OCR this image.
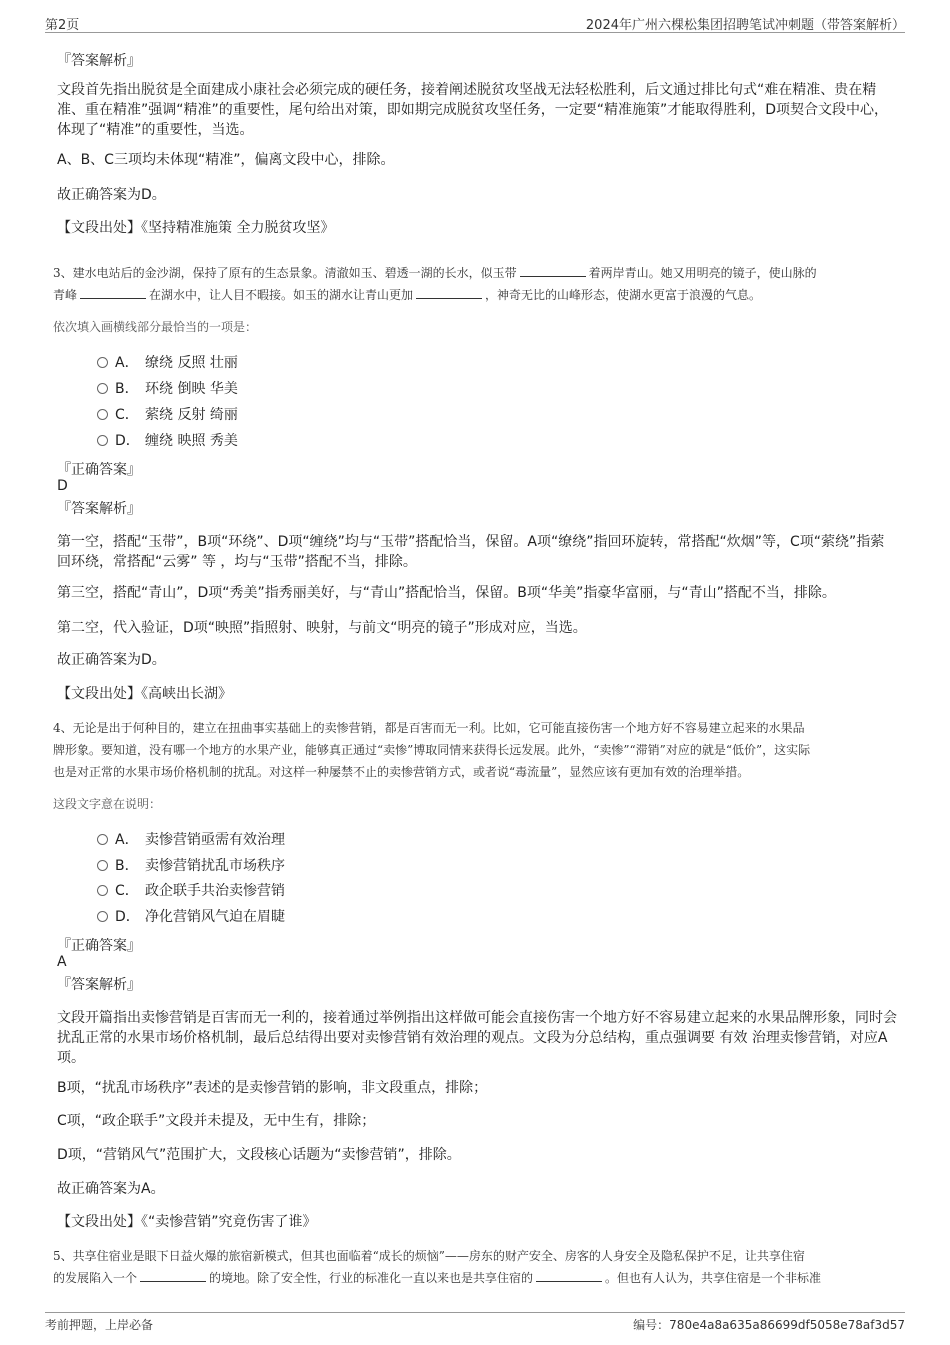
第2页	2024年广州六棵松集团招聘笔试冲刺题（带答案解析）
『答案解析』
文段首先指出脱贫是全面建成小康社会必须完成的硬任务，接着阐述脱贫攻坚战无法轻松胜利，后文通过排比句式“难在精准、贵在精准、重在精准”强调“精准”的重要性，尾句给出对策，即如期完成脱贫攻坚任务，一定要“精准施策”才能取得胜利，D项契合文段中心，体现了“精准”的重要性，当选。
A、B、C三项均未体现“精准”，偏离文段中心，排除。
故正确答案为D。
【文段出处】《坚持精准施策 全力脱贫攻坚》
3、建水电站后的金沙湖，保持了原有的生态景象。清澈如玉、碧透一湖的长水，似玉带	着两岸青山。她又用明亮的镜子，使山脉的
青峰	在湖水中，让人目不暇接。如玉的湖水让青山更加	，神奇无比的山峰形态，使湖水更富于浪漫的气息。
依次填入画横线部分最恰当的一项是：
A． 缭绕 反照 壮丽
B． 环绕 倒映 华美
C． 萦绕 反射 绮丽
D． 缠绕 映照 秀美
『正确答案』
D
『答案解析』
第一空，搭配“玉带”，B项“环绕”、D项“缠绕”均与“玉带”搭配恰当，保留。A项“缭绕”指回环旋转，常搭配“炊烟”等，C项“萦绕”指萦回环绕，常搭配“云雾” 等 ，均与“玉带”搭配不当，排除。
第三空，搭配“青山”，D项“秀美”指秀丽美好，与“青山”搭配恰当，保留。B项“华美”指豪华富丽，与“青山”搭配不当，排除。
第二空，代入验证，D项“映照”指照射、映射，与前文“明亮的镜子”形成对应，当选。
故正确答案为D。
【文段出处】《高峡出长湖》
4、无论是出于何种目的，建立在扭曲事实基础上的卖惨营销，都是百害而无一利。比如，它可能直接伤害一个地方好不容易建立起来的水果品
牌形象。要知道，没有哪一个地方的水果产业，能够真正通过“卖惨”博取同情来获得长远发展。此外，“卖惨”“滞销”对应的就是“低价”，这实际
也是对正常的水果市场价格机制的扰乱。对这样一种屡禁不止的卖惨营销方式，或者说“毒流量”，显然应该有更加有效的治理举措。
这段文字意在说明：
A． 卖惨营销亟需有效治理
B． 卖惨营销扰乱市场秩序
C． 政企联手共治卖惨营销
D． 净化营销风气迫在眉睫
『正确答案』
A
『答案解析』
文段开篇指出卖惨营销是百害而无一利的，接着通过举例指出这样做可能会直接伤害一个地方好不容易建立起来的水果品牌形象，同时会扰乱正常的水果市场价格机制，最后总结得出要对卖惨营销有效治理的观点。文段为分总结构，重点强调要 有效 治理卖惨营销，对应A项。
B项，“扰乱市场秩序”表述的是卖惨营销的影响，非文段重点，排除；
C项，“政企联手”文段并未提及，无中生有，排除；
D项，“营销风气”范围扩大，文段核心话题为“卖惨营销”，排除。
故正确答案为A。
【文段出处】《“卖惨营销”究竟伤害了谁》
5、共享住宿业是眼下日益火爆的旅宿新模式，但其也面临着“成长的烦恼”——房东的财产安全、房客的人身安全及隐私保护不足，让共享住宿
的发展陷入一个	的境地。除了安全性，行业的标准化一直以来也是共享住宿的	。但也有人认为，共享住宿是一个非标准
考前押题，上岸必备	编号：780e4a8a635a86699df5058e78af3d57
